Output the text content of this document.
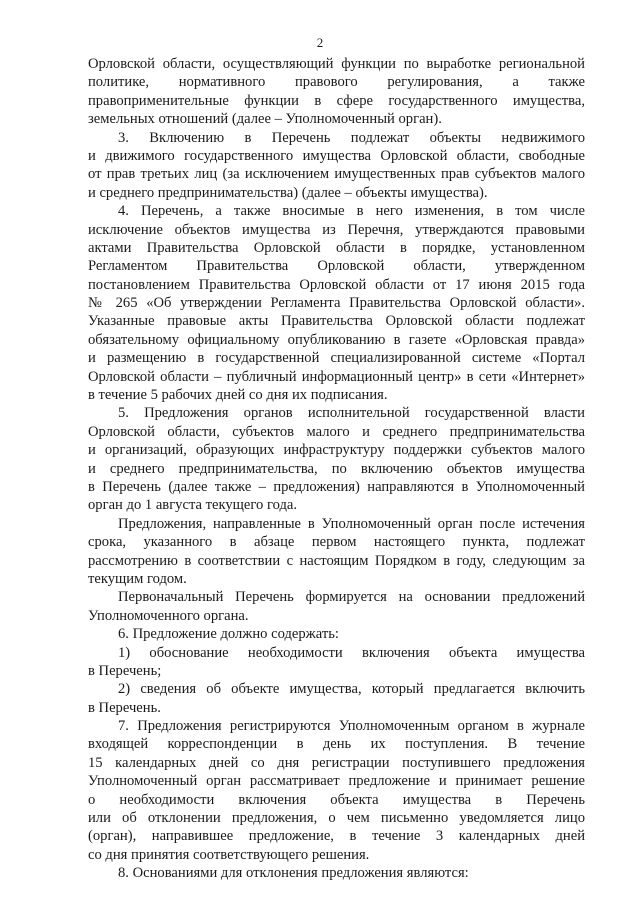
2
Орловской области, осуществляющий функции по выработке региональной
политике, нормативного правового регулирования, а также
правоприменительные функции в сфере государственного имущества,
земельных отношений (далее – Уполномоченный орган).
3. Включению в Перечень подлежат объекты недвижимого
и движимого государственного имущества Орловской области, свободные
от прав третьих лиц (за исключением имущественных прав субъектов малого
и среднего предпринимательства) (далее – объекты имущества).
4. Перечень, а также вносимые в него изменения, в том числе
исключение объектов имущества из Перечня, утверждаются правовыми
актами Правительства Орловской области в порядке, установленном
Регламентом Правительства Орловской области, утвержденном
постановлением Правительства Орловской области от 17 июня 2015 года
№ 265 «Об утверждении Регламента Правительства Орловской области».
Указанные правовые акты Правительства Орловской области подлежат
обязательному официальному опубликованию в газете «Орловская правда»
и размещению в государственной специализированной системе «Портал
Орловской области – публичный информационный центр» в сети «Интернет»
в течение 5 рабочих дней со дня их подписания.
5. Предложения органов исполнительной государственной власти
Орловской области, субъектов малого и среднего предпринимательства
и организаций, образующих инфраструктуру поддержки субъектов малого
и среднего предпринимательства, по включению объектов имущества
в Перечень (далее также – предложения) направляются в Уполномоченный
орган до 1 августа текущего года.
Предложения, направленные в Уполномоченный орган после истечения
срока, указанного в абзаце первом настоящего пункта, подлежат
рассмотрению в соответствии с настоящим Порядком в году, следующим за
текущим годом.
Первоначальный Перечень формируется на основании предложений
Уполномоченного органа.
6. Предложение должно содержать:
1) обоснование необходимости включения объекта имущества
в Перечень;
2) сведения об объекте имущества, который предлагается включить
в Перечень.
7. Предложения регистрируются Уполномоченным органом в журнале
входящей корреспонденции в день их поступления. В течение
15 календарных дней со дня регистрации поступившего предложения
Уполномоченный орган рассматривает предложение и принимает решение
о необходимости включения объекта имущества в Перечень
или об отклонении предложения, о чем письменно уведомляется лицо
(орган), направившее предложение, в течение 3 календарных дней
со дня принятия соответствующего решения.
8. Основаниями для отклонения предложения являются:
